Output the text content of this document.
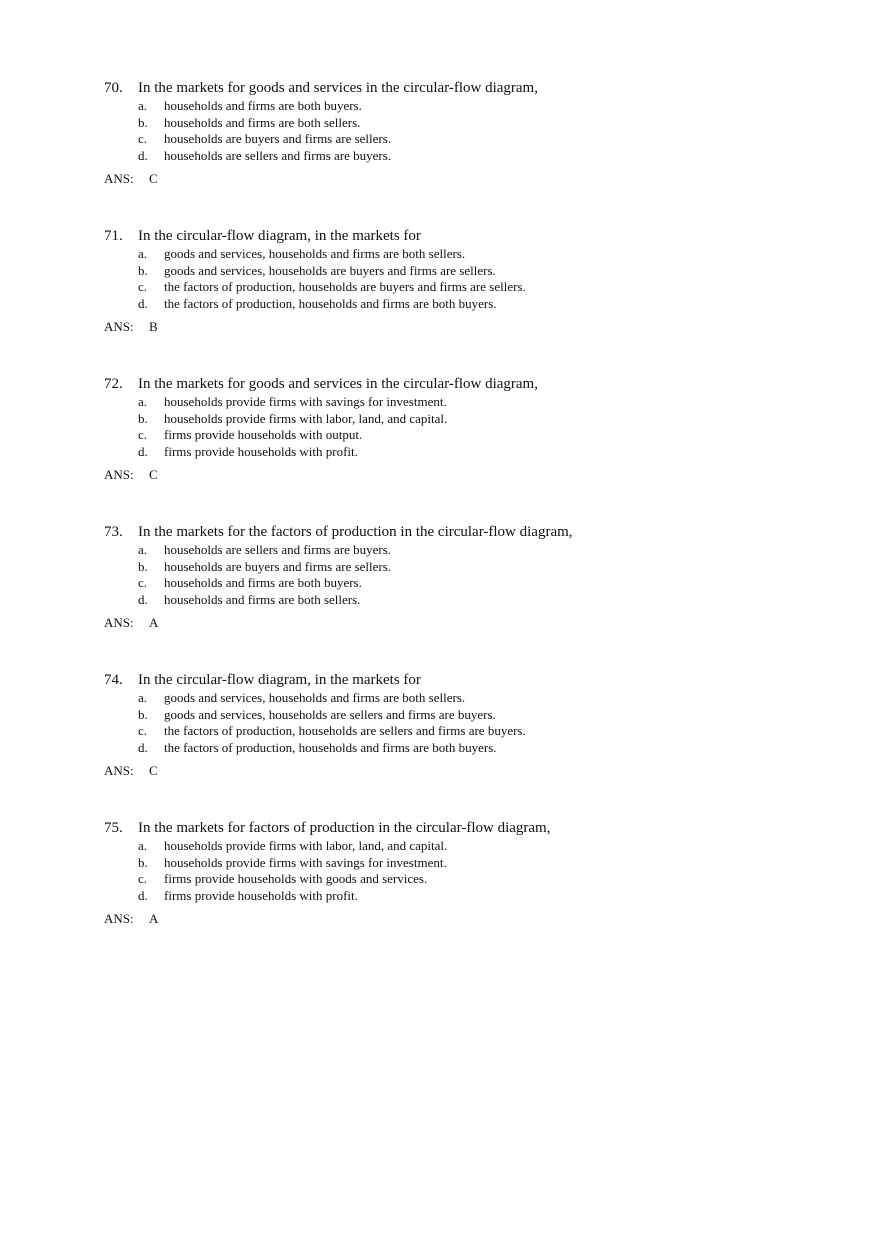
70. In the markets for goods and services in the circular-flow diagram,
a. households and firms are both buyers.
b. households and firms are both sellers.
c. households are buyers and firms are sellers.
d. households are sellers and firms are buyers.
ANS: C
71. In the circular-flow diagram, in the markets for
a. goods and services, households and firms are both sellers.
b. goods and services, households are buyers and firms are sellers.
c. the factors of production, households are buyers and firms are sellers.
d. the factors of production, households and firms are both buyers.
ANS: B
72. In the markets for goods and services in the circular-flow diagram,
a. households provide firms with savings for investment.
b. households provide firms with labor, land, and capital.
c. firms provide households with output.
d. firms provide households with profit.
ANS: C
73. In the markets for the factors of production in the circular-flow diagram,
a. households are sellers and firms are buyers.
b. households are buyers and firms are sellers.
c. households and firms are both buyers.
d. households and firms are both sellers.
ANS: A
74. In the circular-flow diagram, in the markets for
a. goods and services, households and firms are both sellers.
b. goods and services, households are sellers and firms are buyers.
c. the factors of production, households are sellers and firms are buyers.
d. the factors of production, households and firms are both buyers.
ANS: C
75. In the markets for factors of production in the circular-flow diagram,
a. households provide firms with labor, land, and capital.
b. households provide firms with savings for investment.
c. firms provide households with goods and services.
d. firms provide households with profit.
ANS: A
